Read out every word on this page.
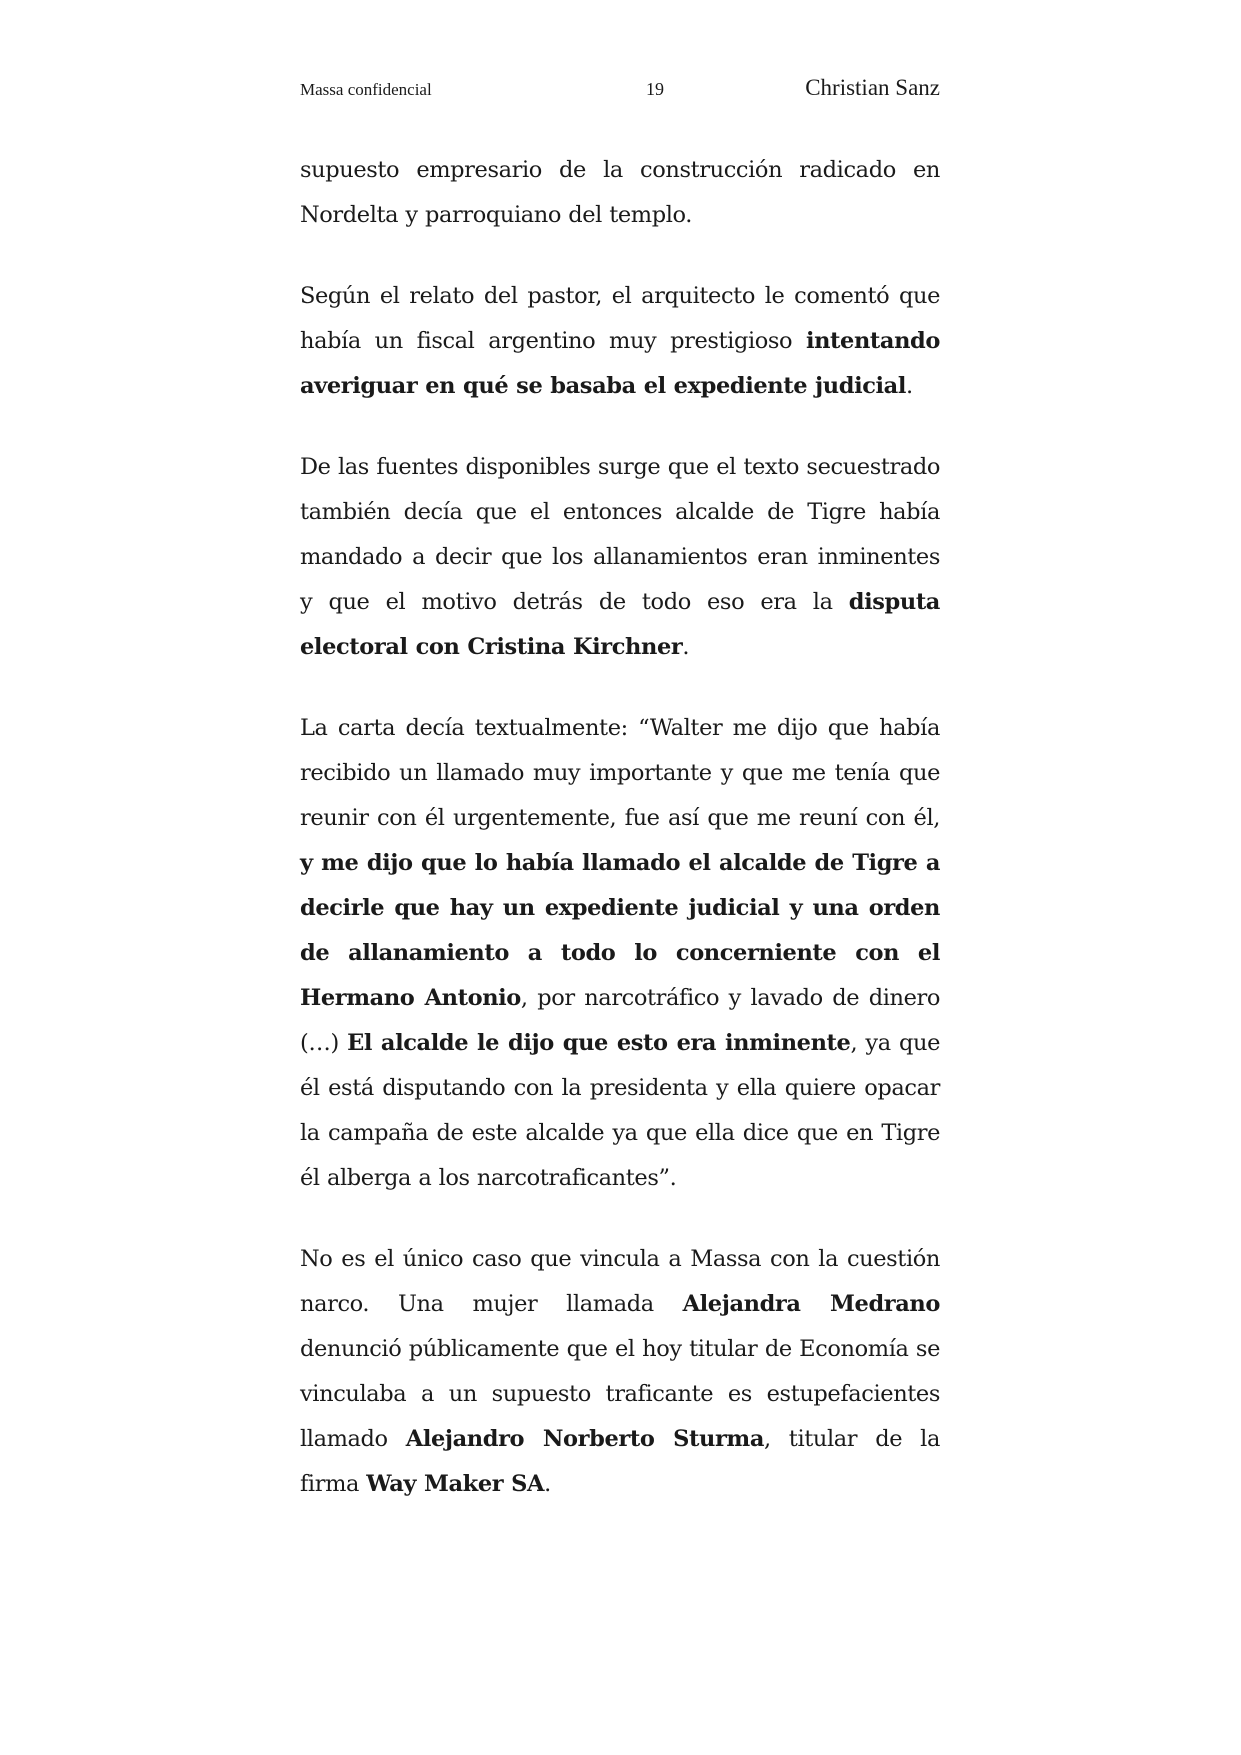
Massa confidencial	19	Christian Sanz

supuesto empresario de la construcción radicado en Nordelta y parroquiano del templo.

Según el relato del pastor, el arquitecto le comentó que había un fiscal argentino muy prestigioso intentando averiguar en qué se basaba el expediente judicial.

De las fuentes disponibles surge que el texto secuestrado también decía que el entonces alcalde de Tigre había mandado a decir que los allanamientos eran inminentes y que el motivo detrás de todo eso era la disputa electoral con Cristina Kirchner.

La carta decía textualmente: “Walter me dijo que había recibido un llamado muy importante y que me tenía que reunir con él urgentemente, fue así que me reuní con él, y me dijo que lo había llamado el alcalde de Tigre a decirle que hay un expediente judicial y una orden de allanamiento a todo lo concerniente con el Hermano Antonio, por narcotráfico y lavado de dinero (…) El alcalde le dijo que esto era inminente, ya que él está disputando con la presidenta y ella quiere opacar la campaña de este alcalde ya que ella dice que en Tigre él alberga a los narcotraficantes”.

No es el único caso que vincula a Massa con la cuestión narco. Una mujer llamada Alejandra Medrano denunció públicamente que el hoy titular de Economía se vinculaba a un supuesto traficante es estupefacientes llamado Alejandro Norberto Sturma, titular de la firma Way Maker SA.
